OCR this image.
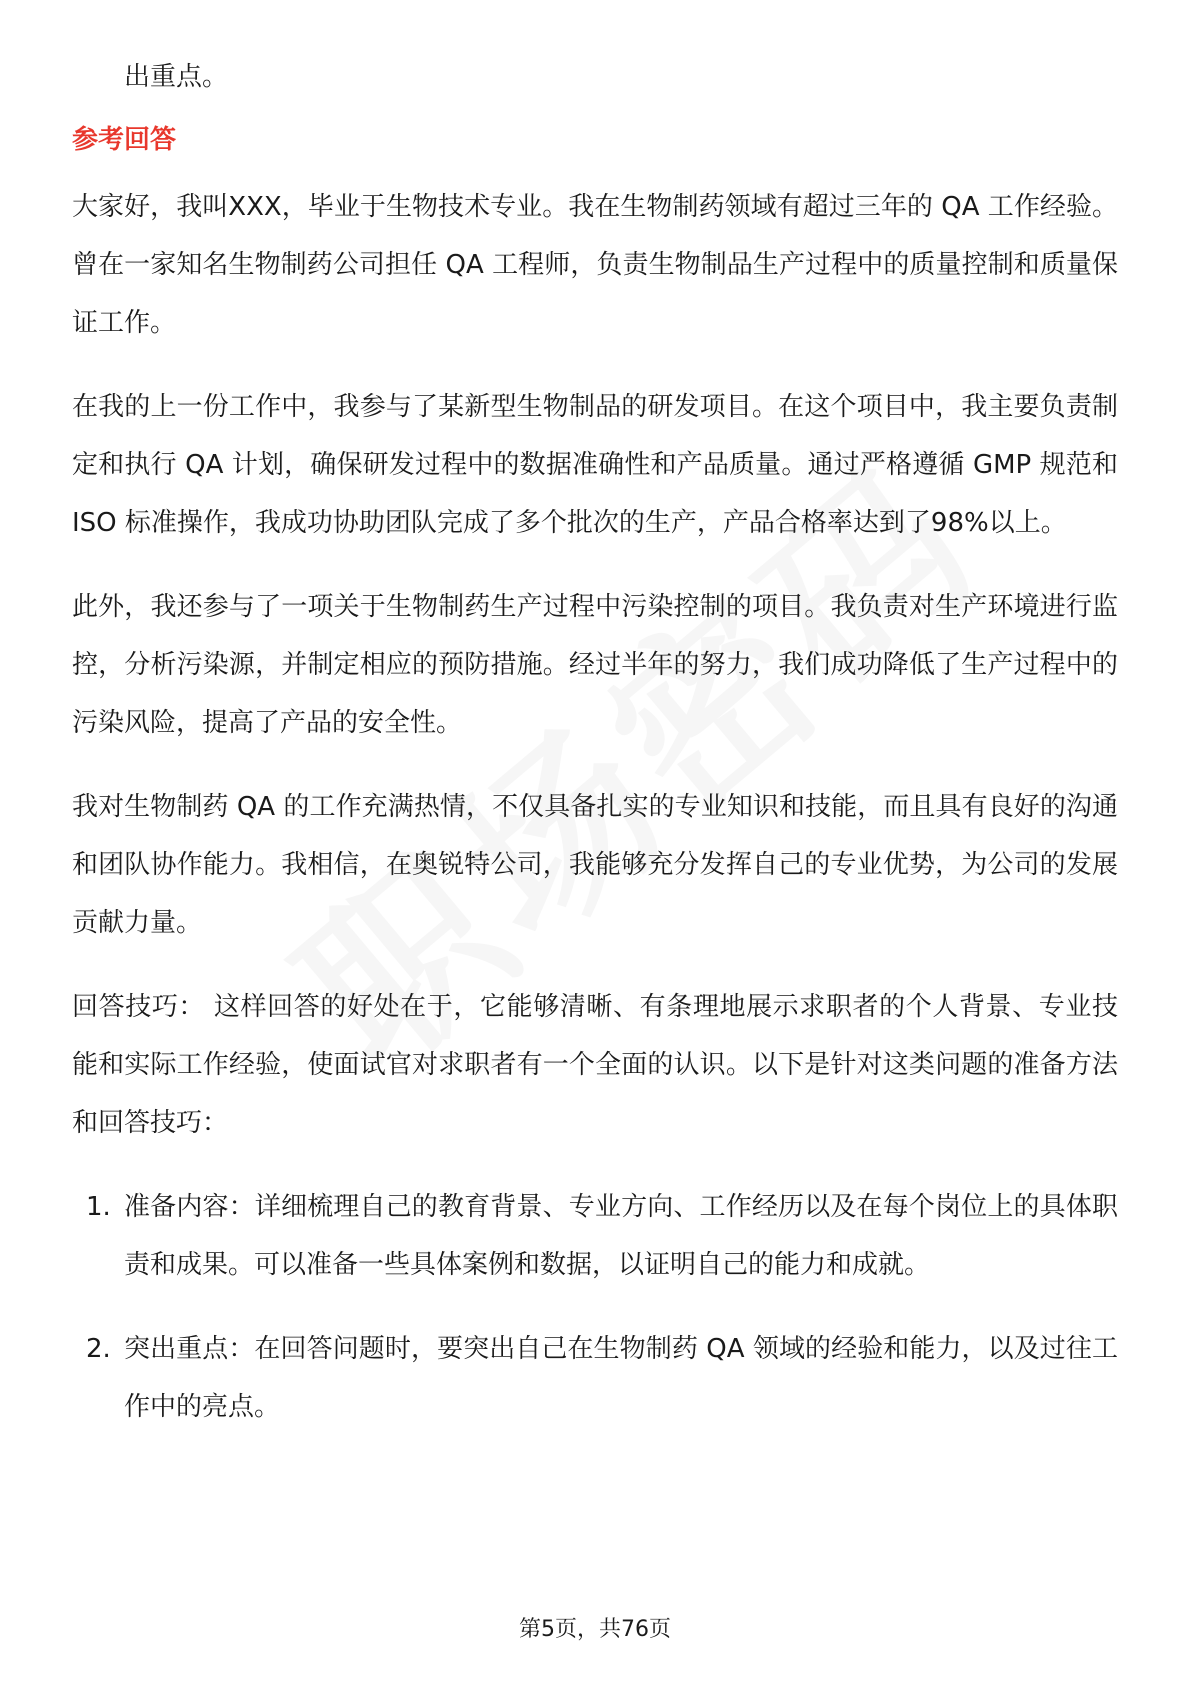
出重点。

参考回答

大家好，我叫XXX，毕业于生物技术专业。我在生物制药领域有超过三年的 QA 工作经验。曾在一家知名生物制药公司担任 QA 工程师，负责生物制品生产过程中的质量控制和质量保证工作。

在我的上一份工作中，我参与了某新型生物制品的研发项目。在这个项目中，我主要负责制定和执行 QA 计划，确保研发过程中的数据准确性和产品质量。通过严格遵循 GMP 规范和 ISO 标准操作，我成功协助团队完成了多个批次的生产，产品合格率达到了98%以上。

此外，我还参与了一项关于生物制药生产过程中污染控制的项目。我负责对生产环境进行监控，分析污染源，并制定相应的预防措施。经过半年的努力，我们成功降低了生产过程中的污染风险，提高了产品的安全性。

我对生物制药 QA 的工作充满热情，不仅具备扎实的专业知识和技能，而且具有良好的沟通和团队协作能力。我相信，在奥锐特公司，我能够充分发挥自己的专业优势，为公司的发展贡献力量。

回答技巧： 这样回答的好处在于，它能够清晰、有条理地展示求职者的个人背景、专业技能和实际工作经验，使面试官对求职者有一个全面的认识。以下是针对这类问题的准备方法和回答技巧：

1. 准备内容：详细梳理自己的教育背景、专业方向、工作经历以及在每个岗位上的具体职责和成果。可以准备一些具体案例和数据，以证明自己的能力和成就。
2. 突出重点：在回答问题时，要突出自己在生物制药 QA 领域的经验和能力，以及过往工作中的亮点。
第5页，共76页
